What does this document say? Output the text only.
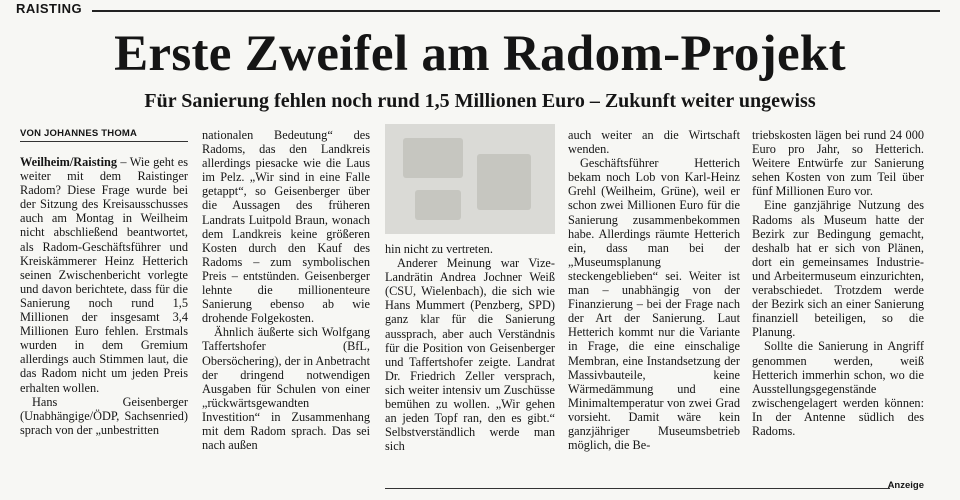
RAISTING
Erste Zweifel am Radom-Projekt
Für Sanierung fehlen noch rund 1,5 Millionen Euro – Zukunft weiter ungewiss
VON JOHANNES THOMA

Weilheim/Raisting – Wie geht es weiter mit dem Raistinger Radom? Diese Frage wurde bei der Sitzung des Kreisausschusses auch am Montag in Weilheim nicht abschließend beantwortet, als Radom-Geschäftsführer und Kreiskämmerer Heinz Hetterich seinen Zwischenbericht vorlegte und davon berichtete, dass für die Sanierung noch rund 1,5 Millionen der insgesamt 3,4 Millionen Euro fehlen. Erstmals wurden in dem Gremium allerdings auch Stimmen laut, die das Radom nicht um jeden Preis erhalten wollen.

Hans Geisenberger (Unabhängige/ÖDP, Sachsenried) sprach von der „unbestritten

nationalen Bedeutung“ des Radoms, das den Landkreis allerdings piesacke wie die Laus im Pelz. „Wir sind in eine Falle getappt“, so Geisenberger über die Aussagen des früheren Landrats Luitpold Braun, wonach dem Landkreis keine größeren Kosten durch den Kauf des Radoms – zum symbolischen Preis – entstünden. Geisenberger lehnte die millionenteure Sanierung ebenso ab wie drohende Folgekosten.

Ähnlich äußerte sich Wolfgang Taffertshofer (BfL, Obersöchering), der in Anbetracht der dringend notwendigen Ausgaben für Schulen von einer „rückwärtsgewandten Investition“ in Zusammenhang mit dem Radom sprach. Das sei nach außen

hin nicht zu vertreten.

Anderer Meinung war Vize-Landrätin Andrea Jochner Weiß (CSU, Wielenbach), die sich wie Hans Mummert (Penzberg, SPD) ganz klar für die Sanierung aussprach, aber auch Verständnis für die Position von Geisenberger und Taffertshofer zeigte. Landrat Dr. Friedrich Zeller versprach, sich weiter intensiv um Zuschüsse bemühen zu wollen. „Wir gehen an jeden Topf ran, den es gibt.“ Selbstverständlich werde man sich

auch weiter an die Wirtschaft wenden.

Geschäftsführer Hetterich bekam noch Lob von Karl-Heinz Grehl (Weilheim, Grüne), weil er schon zwei Millionen Euro für die Sanierung zusammenbekommen habe. Allerdings räumte Hetterich ein, dass man bei der „Museumsplanung steckengeblieben“ sei. Weiter ist man – unabhängig von der Finanzierung – bei der Frage nach der Art der Sanierung. Laut Hetterich kommt nur die Variante in Frage, die eine einschalige Membran, eine Instandsetzung der Massivbauteile, keine Wärmedämmung und eine Minimaltemperatur von zwei Grad vorsieht. Damit wäre kein ganzjähriger Museumsbetrieb möglich, die Be-

triebskosten lägen bei rund 24 000 Euro pro Jahr, so Hetterich. Weitere Entwürfe zur Sanierung sehen Kosten von zum Teil über fünf Millionen Euro vor.

Eine ganzjährige Nutzung des Radoms als Museum hatte der Bezirk zur Bedingung gemacht, deshalb hat er sich von Plänen, dort ein gemeinsames Industrie- und Arbeitermuseum einzurichten, verabschiedet. Trotzdem werde der Bezirk sich an einer Sanierung finanziell beteiligen, so die Planung.

Sollte die Sanierung in Angriff genommen werden, weiß Hetterich immerhin schon, wo die Ausstellungsgegenstände zwischengelagert werden können: In der Antenne südlich des Radoms.

Anzeige
